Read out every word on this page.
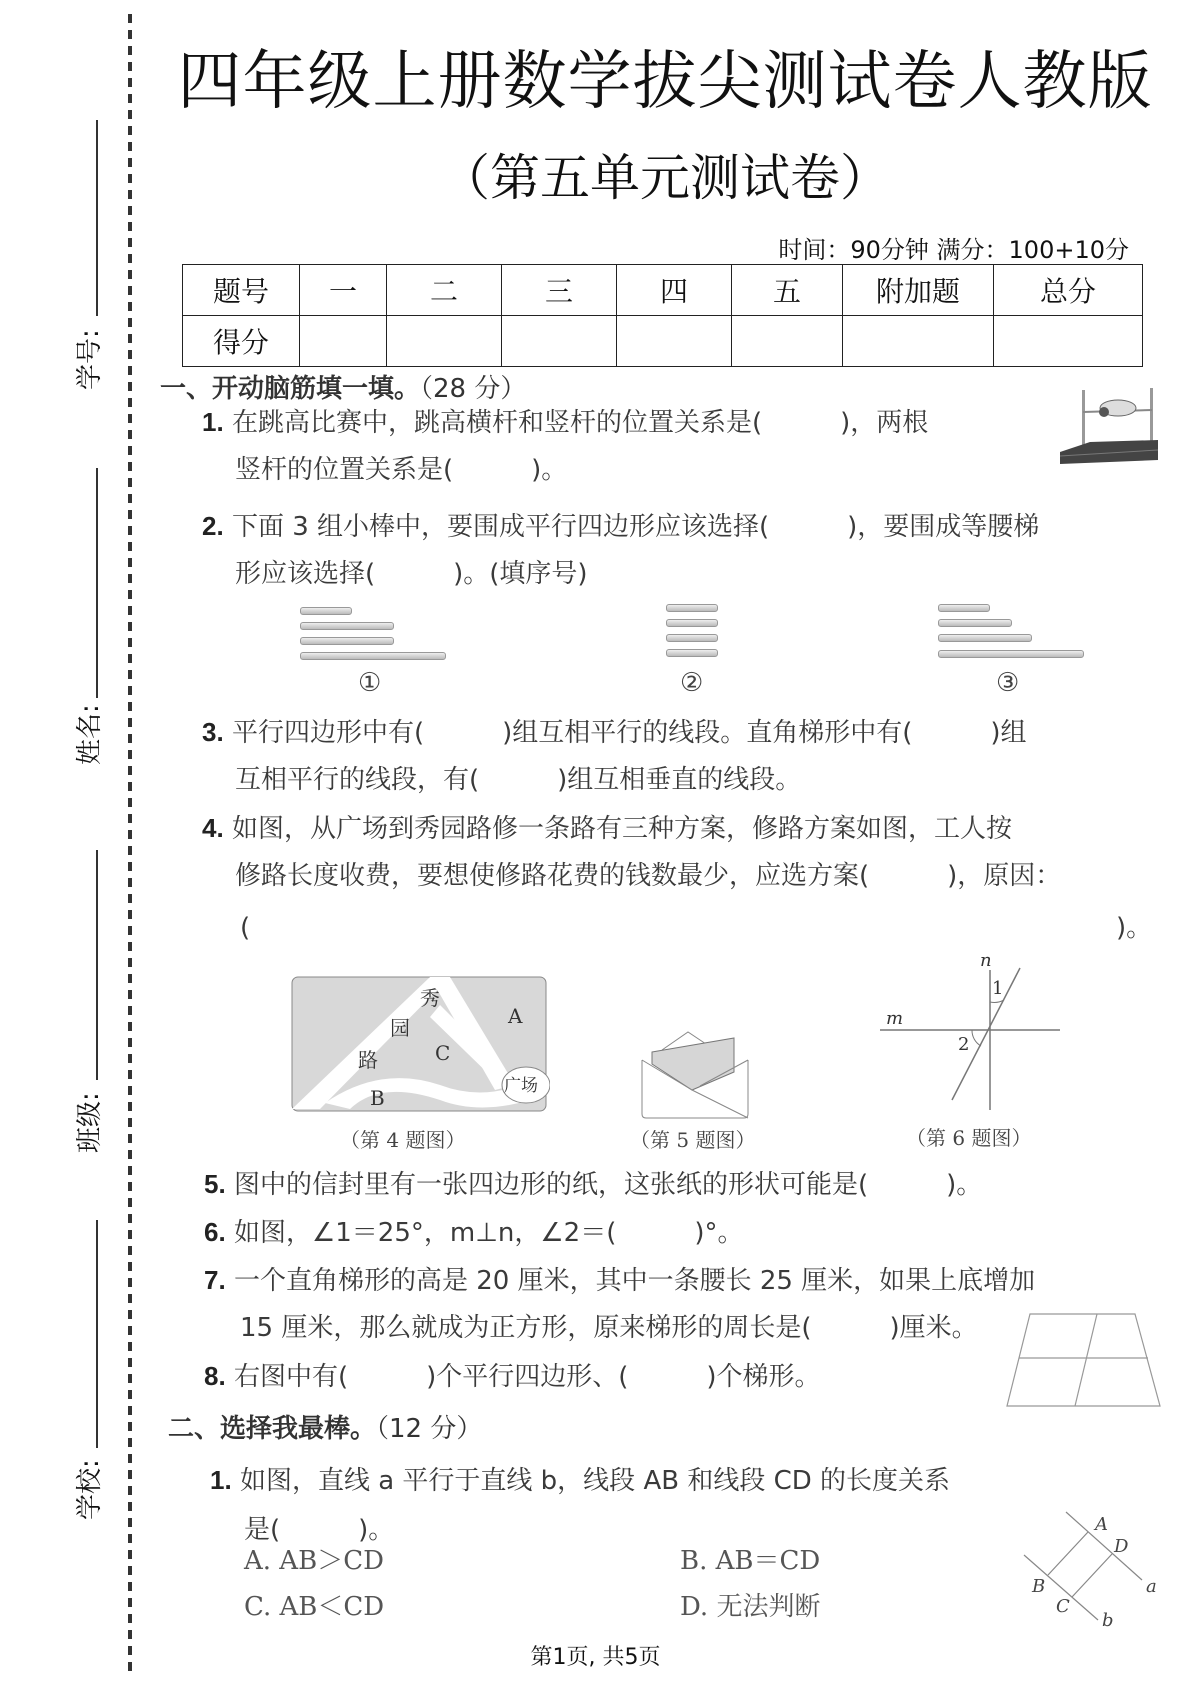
学号:
姓名:
班级:
学校:
四年级上册数学拔尖测试卷人教版
（第五单元测试卷）
时间：90分钟 满分：100+10分
题号	一	二	三	四	五	附加题	总分
得分							
一、开动脑筋填一填。（28 分）
1. 在跳高比赛中，跳高横杆和竖杆的位置关系是(　　　)，两根
竖杆的位置关系是(　　　)。
2. 下面 3 组小棒中，要围成平行四边形应该选择(　　　)，要围成等腰梯
形应该选择(　　　)。(填序号)
①	②	③
3. 平行四边形中有(　　　)组互相平行的线段。直角梯形中有(　　　)组
互相平行的线段，有(　　　)组互相垂直的线段。
4. 如图，从广场到秀园路修一条路有三种方案，修路方案如图，工人按
修路长度收费，要想使修路花费的钱数最少，应选方案(　　　)，原因：
(	)。
秀
园
路
A
C
B	广场
（第 4 题图）	（第 5 题图）
n
m
1
2
（第 6 题图）
5. 图中的信封里有一张四边形的纸，这张纸的形状可能是(　　　)。
6. 如图，∠1＝25°，m⊥n，∠2＝(　　　)°。
7. 一个直角梯形的高是 20 厘米，其中一条腰长 25 厘米，如果上底增加
15 厘米，那么就成为正方形，原来梯形的周长是(　　　)厘米。
8. 右图中有(　　　)个平行四边形、(　　　)个梯形。
二、选择我最棒。（12 分）
1. 如图，直线 a 平行于直线 b，线段 AB 和线段 CD 的长度关系
是(　　　)。
A. AB＞CD	B. AB＝CD
C. AB＜CD	D. 无法判断
A
D
B
C
a
b
第1页, 共5页
